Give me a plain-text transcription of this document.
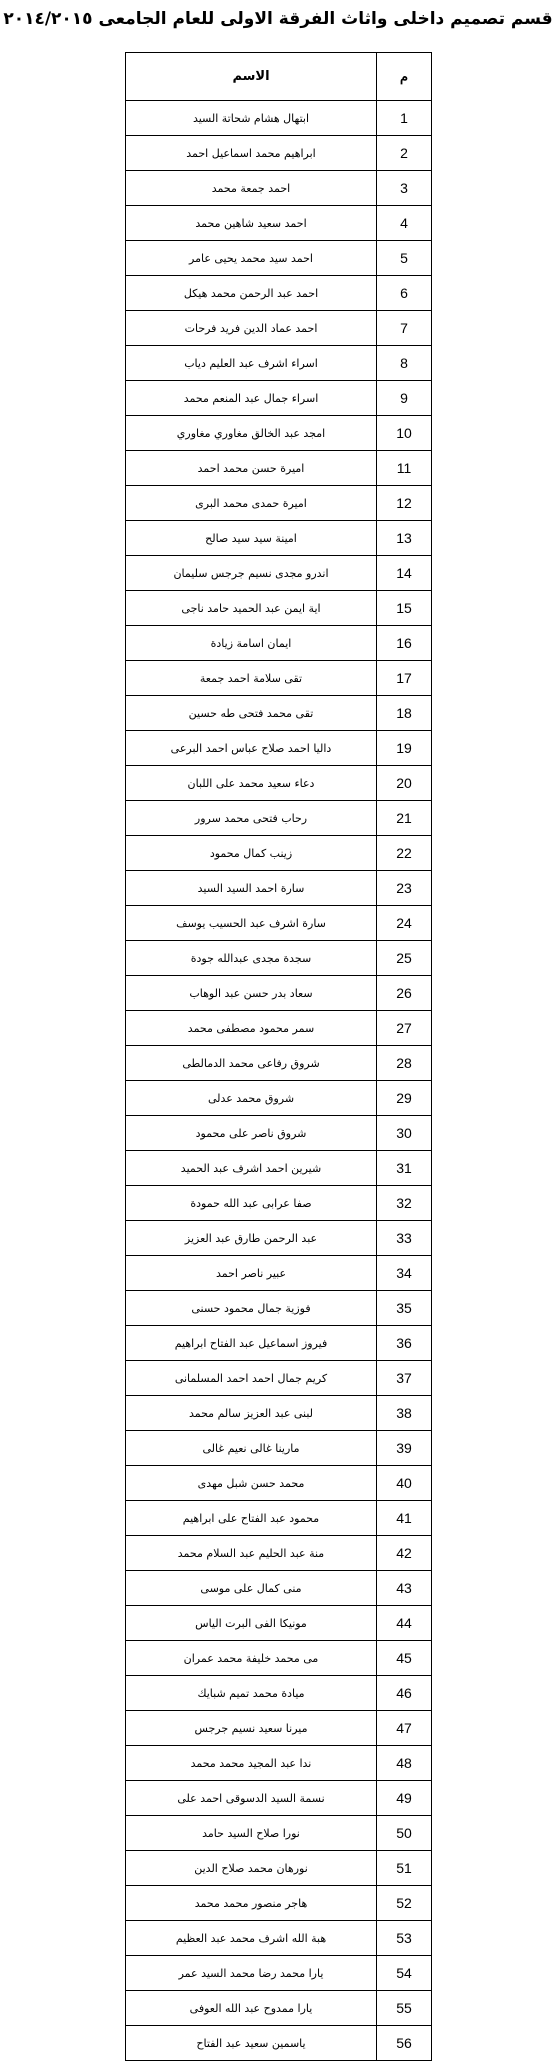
قسم تصميم داخلى واثاث الفرقة الاولى للعام الجامعى ٢٠١٤/٢٠١٥
م	الاسم
1	ابتهال هشام شحاتة السيد
2	ابراهيم محمد اسماعيل احمد
3	احمد جمعة محمد
4	احمد سعيد شاهين محمد
5	احمد سيد محمد يحيى عامر
6	احمد عبد الرحمن محمد هيكل
7	احمد عماد الدين فريد فرحات
8	اسراء اشرف عبد العليم دياب
9	اسراء جمال عبد المنعم محمد
10	امجد عبد الخالق مغاوري مغاوري
11	اميرة حسن محمد احمد
12	اميرة حمدى محمد البرى
13	امينة سيد سيد صالح
14	اندرو مجدى نسيم جرجس سليمان
15	اية ايمن عبد الحميد حامد ناجى
16	ايمان اسامة زيادة
17	تقى سلامة احمد جمعة
18	تقى محمد فتحى طه حسين
19	داليا احمد صلاح عباس احمد البرعى
20	دعاء سعيد محمد على اللبان
21	رحاب فتحى محمد سرور
22	زينب كمال محمود
23	سارة احمد السيد السيد
24	سارة اشرف عبد الحسيب يوسف
25	سجدة مجدى عبدالله جودة
26	سعاد بدر حسن عبد الوهاب
27	سمر محمود مصطفى محمد
28	شروق رفاعى محمد الدمالطى
29	شروق محمد عدلى
30	شروق ناصر على محمود
31	شيرين احمد اشرف عبد الحميد
32	صفا عرابى عبد الله حمودة
33	عبد الرحمن طارق عبد العزيز
34	عبير ناصر احمد
35	فوزية جمال محمود حسنى
36	فيروز اسماعيل عبد الفتاح ابراهيم
37	كريم جمال احمد احمد المسلمانى
38	لبنى عبد العزيز سالم محمد
39	مارينا غالى نعيم غالى
40	محمد حسن شبل مهدى
41	محمود عبد الفتاح على ابراهيم
42	منة عبد الحليم عبد السلام محمد
43	منى كمال على موسى
44	مونيكا الفى البرت الياس
45	مى محمد خليفة محمد عمران
46	ميادة محمد تميم شبايك
47	ميرنا سعيد نسيم جرجس
48	ندا عبد المجيد محمد محمد
49	نسمة السيد الدسوقى احمد على
50	نورا صلاح السيد حامد
51	نورهان محمد صلاح الدين
52	هاجر منصور محمد محمد
53	هبة الله اشرف محمد عبد العظيم
54	يارا محمد رضا محمد السيد عمر
55	يارا ممدوح عبد الله العوفى
56	ياسمين سعيد عبد الفتاح
